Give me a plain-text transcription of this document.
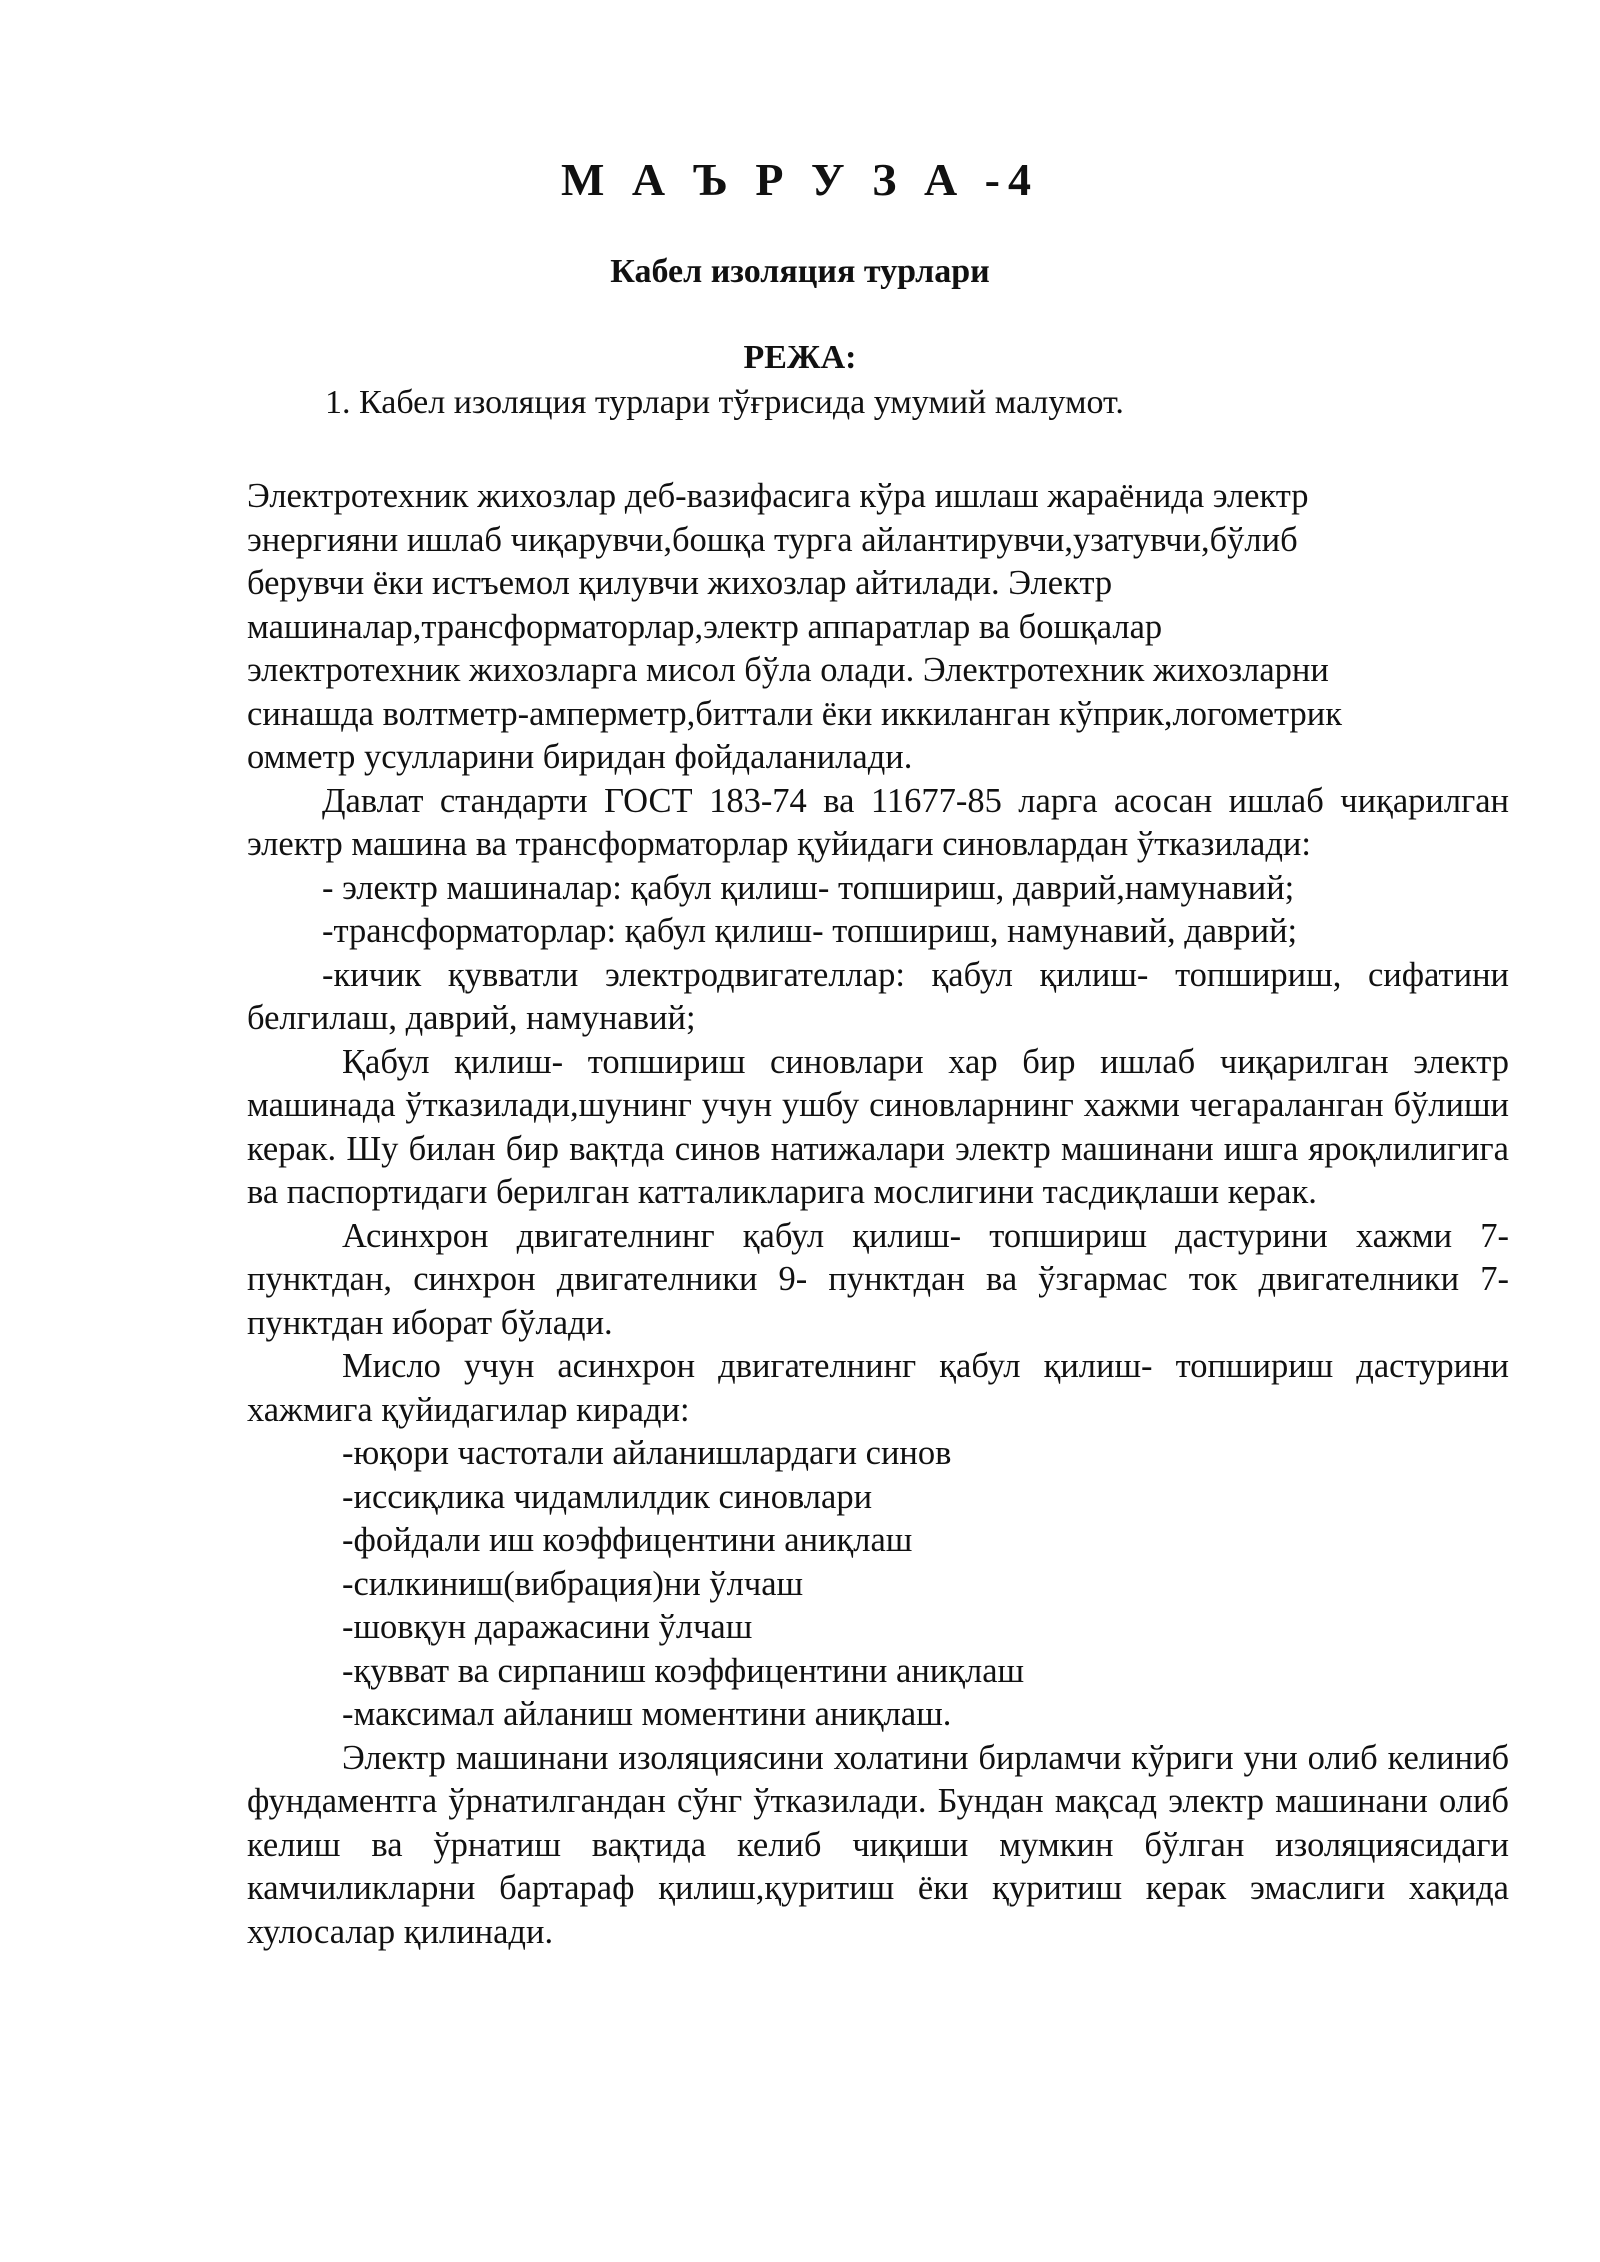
М А Ъ Р У З А -4
Кабел изоляция турлари
РЕЖА:
1. Кабел изоляция турлари тўғрисида умумий малумот.
Электротехник жихозлар деб-вазифасига кўра ишлаш жараёнида электр
энергияни ишлаб чиқарувчи,бошқа турга айлантирувчи,узатувчи,бўлиб
берувчи ёки истъемол қилувчи жихозлар айтилади. Электр
машиналар,трансформаторлар,электр аппаратлар ва бошқалар
электротехник жихозларга мисол бўла олади. Электротехник жихозларни
синашда волтметр-амперметр,биттали ёки иккиланган кўприк,логометрик
омметр усулларини биридан фойдаланилади.

Давлат стандарти ГОСТ 183-74 ва 11677-85 ларга асосан ишлаб чиқарилган электр машина ва трансформаторлар қуйидаги синовлардан ўтказилади:

- электр машиналар: қабул қилиш- топшириш, даврий,намунавий;

-трансформаторлар: қабул қилиш- топшириш, намунавий, даврий;

-кичик қувватли электродвигателлар: қабул қилиш- топшириш, сифатини белгилаш, даврий, намунавий;

Қабул қилиш- топшириш синовлари хар бир ишлаб чиқарилган электр машинада ўтказилади,шунинг учун ушбу синовларнинг хажми чегараланган бўлиши керак. Шу билан бир вақтда синов натижалари электр машинани ишга яроқлилигига ва паспортидаги берилган катталикларига мослигини тасдиқлаши керак.

Асинхрон двигателнинг қабул қилиш- топшириш дастурини хажми 7- пунктдан, синхрон двигателники 9- пунктдан ва ўзгармас ток двигателники 7- пунктдан иборат бўлади.

Мисло учун асинхрон двигателнинг қабул қилиш- топшириш дастурини хажмига қуйидагилар киради:

-юқори частотали айланишлардаги синов

-иссиқлика чидамлилдик синовлари

-фойдали иш коэффицентини аниқлаш

-силкиниш(вибрация)ни ўлчаш

-шовқун даражасини ўлчаш

-қувват ва сирпаниш коэффицентини аниқлаш

-максимал айланиш моментини аниқлаш.

Электр машинани изоляциясини холатини бирламчи кўриги уни олиб келиниб фундаментга ўрнатилгандан сўнг ўтказилади. Бундан мақсад электр машинани олиб келиш ва ўрнатиш вақтида келиб чиқиши мумкин бўлган изоляциясидаги камчиликларни бартараф қилиш,қуритиш ёки қуритиш керак эмаслиги хақида хулосалар қилинади.
